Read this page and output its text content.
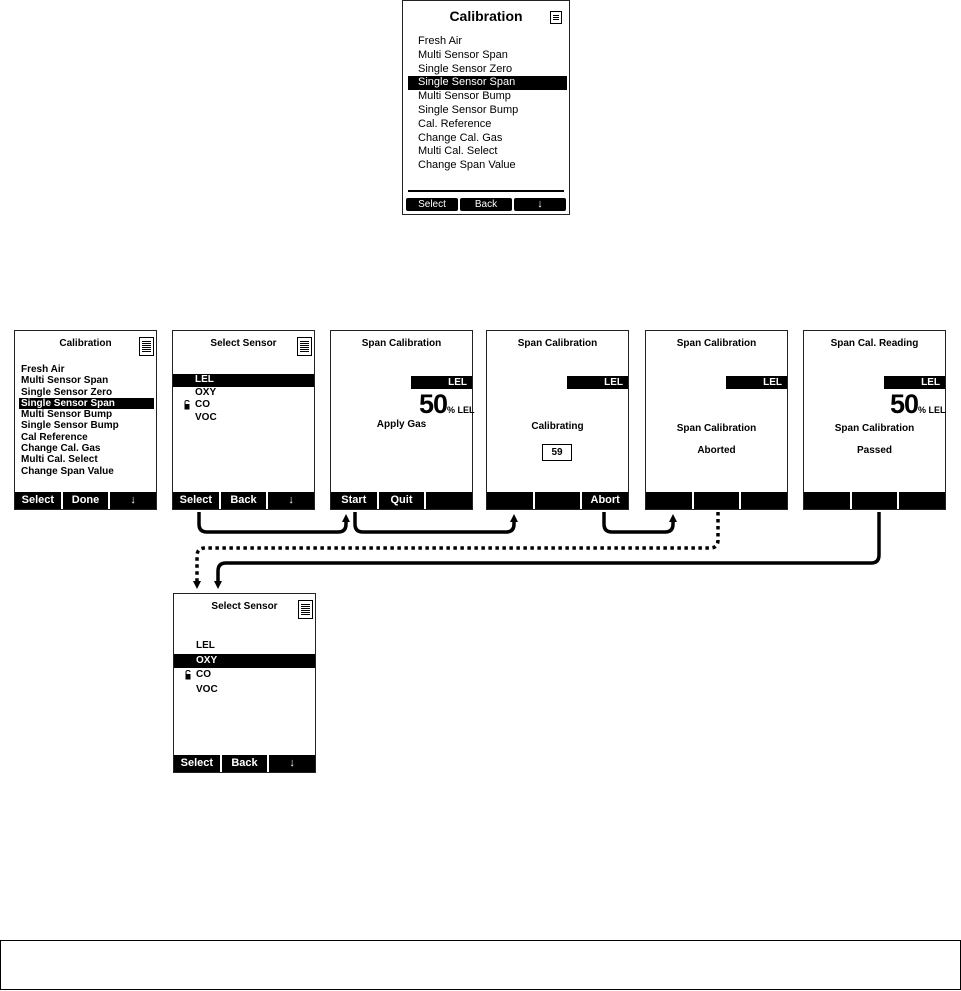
Calibration
Fresh Air
Multi Sensor Span
Single Sensor Zero
Single Sensor Span
Multi Sensor Bump
Single Sensor Bump
Cal. Reference
Change Cal. Gas
Multi Cal. Select
Change Span Value
Select	Back	↓
Calibration
Fresh Air
Multi Sensor Span
Single Sensor Zero
Single Sensor Span
Multi Sensor Bump
Single Sensor Bump
Cal Reference
Change Cal. Gas
Multi Cal. Select
Change Span Value
Select	Done	↓
Select Sensor
LEL
OXY
CO
VOC
Select	Back	↓
Span Calibration
LEL
50% LEL
Apply Gas
Start	Quit
Span Calibration
LEL
Calibrating
59
Abort
Span Calibration
LEL
Span Calibration
Aborted
Span Cal. Reading
LEL
50% LEL
Span Calibration
Passed
Select Sensor
LEL
OXY
CO
VOC
Select	Back	↓
